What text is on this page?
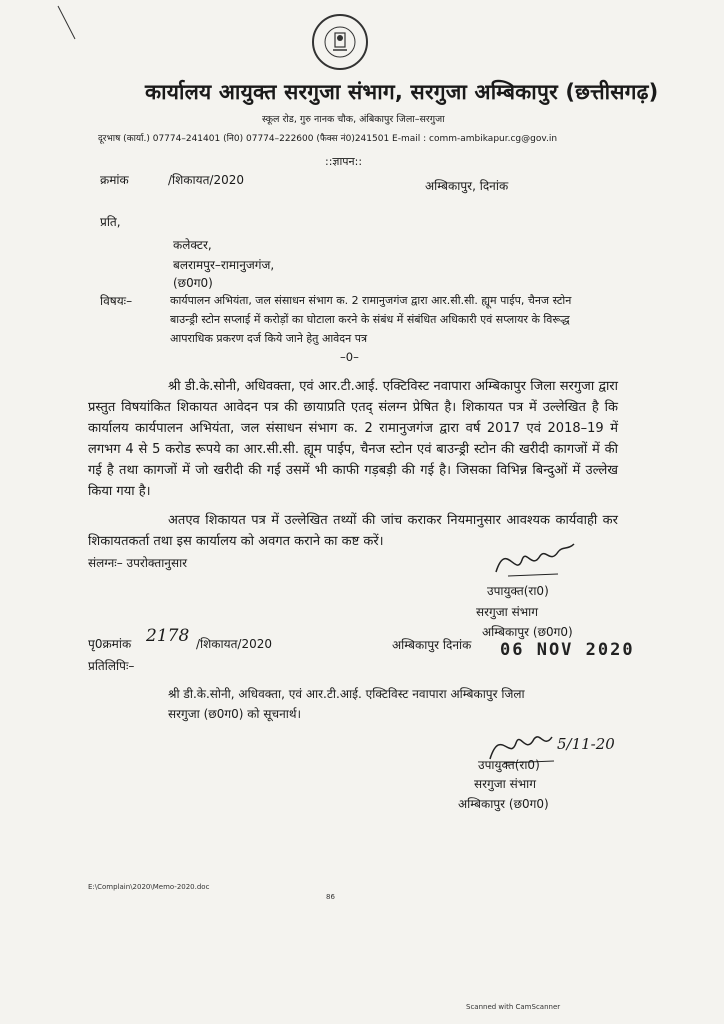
कार्यालय आयुक्त सरगुजा संभाग, सरगुजा अम्बिकापुर (छत्तीसगढ़)
स्कूल रोड, गुरु नानक चौक, अंबिकापुर जिला–सरगुजा
दूरभाष (कार्या.) 07774–241401 (नि0) 07774–222600 (फैक्स नं0)241501 E-mail : comm-ambikapur.cg@gov.in
::ज्ञापन::
क्रमांक	/शिकायत/2020	अम्बिकापुर, दिनांक
प्रति,
कलेक्टर,
बलरामपुर–रामानुजगंज,
(छ0ग0)
विषयः–	कार्यपालन अभियंता, जल संसाधन संभाग क. 2 रामानुजगंज द्वारा आर.सी.सी. ह्यूम पाईप, चैनज स्टोन बाउन्ड्री स्टोन सप्लाई में करोड़ों का घोटाला करने के संबंध में संबंधित अधिकारी एवं सप्लायर के विरूद्ध आपराधिक प्रकरण दर्ज किये जाने हेतु आवेदन पत्र
–0–
श्री डी.के.सोनी, अधिवक्ता, एवं आर.टी.आई. एक्टिविस्ट नवापारा अम्बिकापुर जिला सरगुजा द्वारा प्रस्तुत विषयांकित शिकायत आवेदन पत्र की छायाप्रति एतद् संलग्न प्रेषित है। शिकायत पत्र में उल्लेखित है कि कार्यालय कार्यपालन अभियंता, जल संसाधन संभाग क. 2 रामानुजगंज द्वारा वर्ष 2017 एवं 2018–19 में लगभग 4 से 5 करोड रूपये का आर.सी.सी. ह्यूम पाईप, चैनज स्टोन एवं बाउन्ड्री स्टोन की खरीदी कागजों में की गई है तथा कागजों में जो खरीदी की गई उसमें भी काफी गड़बड़ी की गई है। जिसका विभिन्न बिन्दुओं में उल्लेख किया गया है।
अतएव शिकायत पत्र में उल्लेखित तथ्यों की जांच कराकर नियमानुसार आवश्यक कार्यवाही कर शिकायतकर्ता तथा इस कार्यालय को अवगत कराने का कष्ट करें।
संलग्नः– उपरोक्तानुसार
उपायुक्त(रा0)
सरगुजा संभाग
अम्बिकापुर (छ0ग0)
पृ0क्रमांक 2178 /शिकायत/2020	अम्बिकापुर दिनांक 06 NOV 2020
प्रतिलिपिः–
श्री डी.के.सोनी, अधिवक्ता, एवं आर.टी.आई. एक्टिविस्ट नवापारा अम्बिकापुर जिला
सरगुजा (छ0ग0) को सूचनार्थ।
5/11-20
उपायुक्त(रा0)
सरगुजा संभाग
अम्बिकापुर (छ0ग0)
E:\Complain\2020\Memo-2020.doc
86
Scanned with CamScanner
